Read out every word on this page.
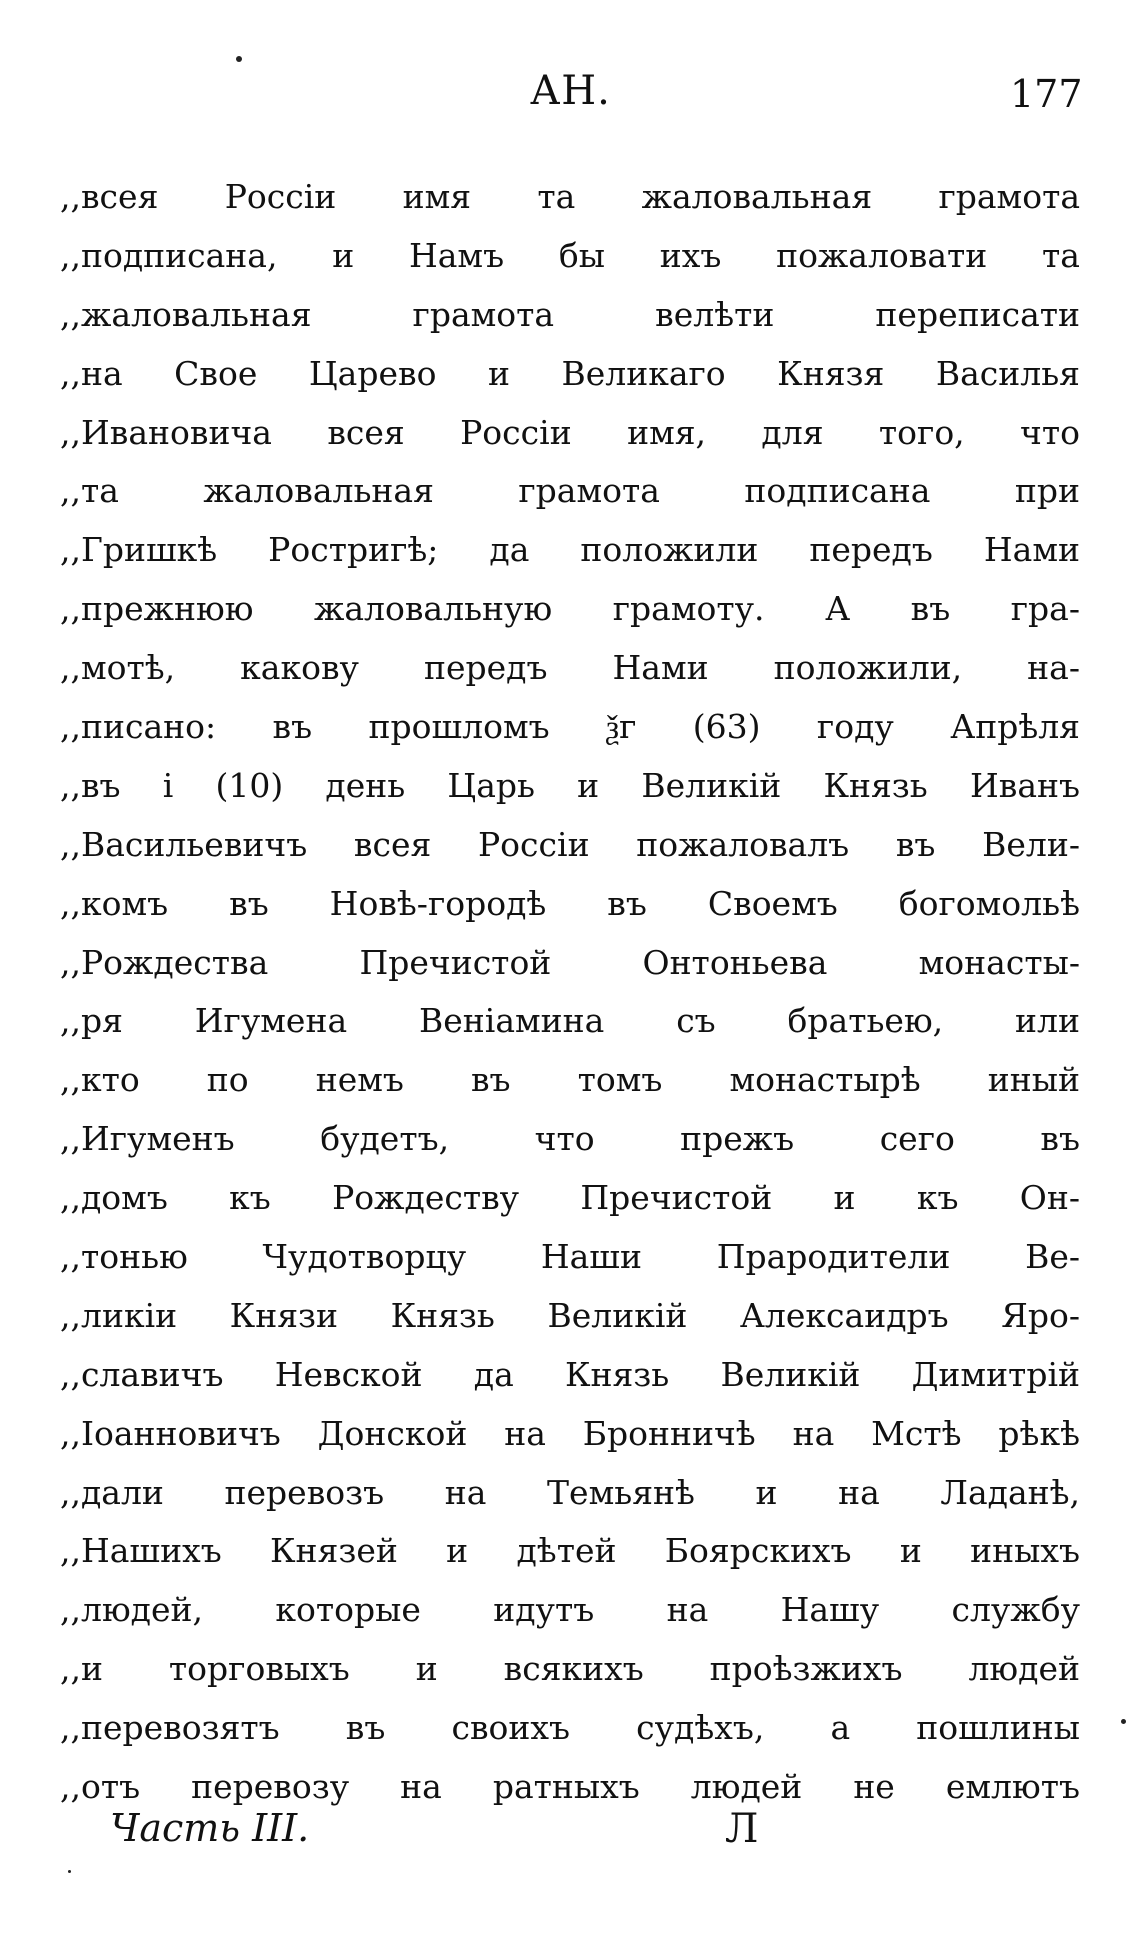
АН.	177
,,всея Россіи имя та жаловальная грамота
,,подписана, и Намъ бы ихъ пожаловати та
,,жаловальная грамота велѣти переписати
,,на Свое Царево и Великаго Князя Василья
,,Ивановича всея Россіи имя, для того, что
,,та жаловальная грамота подписана при
,,Гришкѣ Ростригѣ; да положили передъ Нами
,,прежнюю жаловальную грамоту. А въ гра-
,,мотѣ, какову передъ Нами положили, на-
,,писано: въ прошломъ ѯг (63) году Апрѣля
,,въ і (10) день Царь и Великій Князь Иванъ
,,Васильевичъ всея Россіи пожаловалъ въ Вели-
,,комъ въ Новѣ-городѣ въ Своемъ богомольѣ
,,Рождества Пречистой Онтоньева монасты-
,,ря Игумена Веніамина съ братьею, или
,,кто по немъ въ томъ монастырѣ иный
,,Игуменъ будетъ, что прежъ сего въ
,,домъ къ Рождеству Пречистой и къ Он-
,,тонью Чудотворцу Наши Прародители Ве-
,,ликіи Князи Князь Великій Алексаидръ Яро-
,,славичъ Невской да Князь Великій Димитрій
,,Іоанновичъ Донской на Бронничѣ на Мстѣ рѣкѣ
,,дали перевозъ на Темьянѣ и на Ладанѣ,
,,Нашихъ Князей и дѣтей Боярскихъ и иныхъ
,,людей, которые идутъ на Нашу службу
,,и торговыхъ и всякихъ проѣзжихъ людей
,,перевозятъ въ своихъ судѣхъ, а пошлины
,,отъ перевозу на ратныхъ людей не емлютъ
Часть III.	Л
